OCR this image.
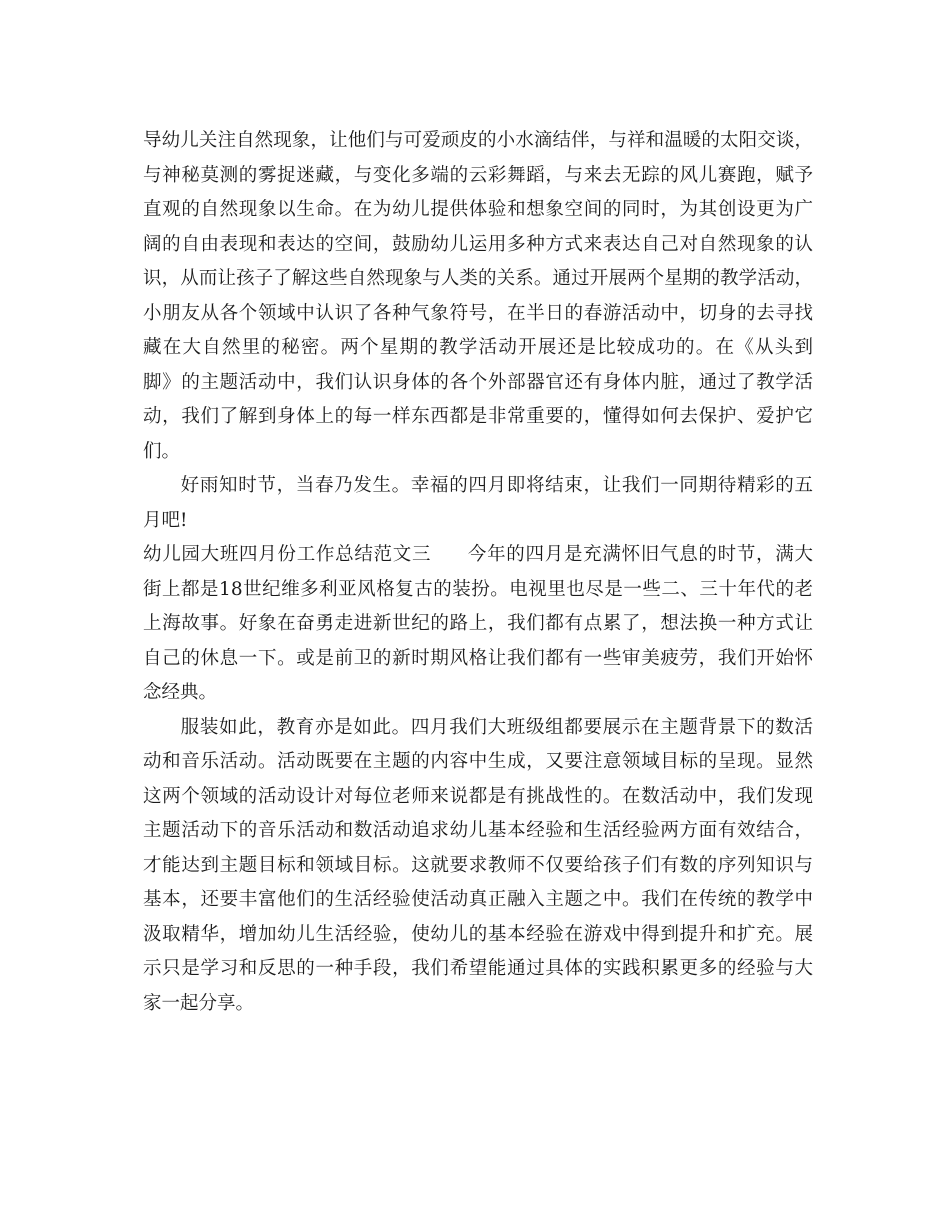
导幼儿关注自然现象，让他们与可爱顽皮的小水滴结伴，与祥和温暖的太阳交谈，
与神秘莫测的雾捉迷藏，与变化多端的云彩舞蹈，与来去无踪的风儿赛跑，赋予
直观的自然现象以生命。在为幼儿提供体验和想象空间的同时，为其创设更为广
阔的自由表现和表达的空间，鼓励幼儿运用多种方式来表达自己对自然现象的认
识，从而让孩子了解这些自然现象与人类的关系。通过开展两个星期的教学活动，
小朋友从各个领域中认识了各种气象符号，在半日的春游活动中，切身的去寻找
藏在大自然里的秘密。两个星期的教学活动开展还是比较成功的。在《从头到
脚》的主题活动中，我们认识身体的各个外部器官还有身体内脏，通过了教学活
动，我们了解到身体上的每一样东西都是非常重要的，懂得如何去保护、爱护它
们。
好雨知时节，当春乃发生。幸福的四月即将结束，让我们一同期待精彩的五
月吧!
幼儿园大班四月份工作总结范文三 今年的四月是充满怀旧气息的时节，满大
街上都是18世纪维多利亚风格复古的装扮。电视里也尽是一些二、三十年代的老
上海故事。好象在奋勇走进新世纪的路上，我们都有点累了，想法换一种方式让
自己的休息一下。或是前卫的新时期风格让我们都有一些审美疲劳，我们开始怀
念经典。
服装如此，教育亦是如此。四月我们大班级组都要展示在主题背景下的数活
动和音乐活动。活动既要在主题的内容中生成，又要注意领域目标的呈现。显然
这两个领域的活动设计对每位老师来说都是有挑战性的。在数活动中，我们发现
主题活动下的音乐活动和数活动追求幼儿基本经验和生活经验两方面有效结合，
才能达到主题目标和领域目标。这就要求教师不仅要给孩子们有数的序列知识与
基本，还要丰富他们的生活经验使活动真正融入主题之中。我们在传统的教学中
汲取精华，增加幼儿生活经验，使幼儿的基本经验在游戏中得到提升和扩充。展
示只是学习和反思的一种手段，我们希望能通过具体的实践积累更多的经验与大
家一起分享。
